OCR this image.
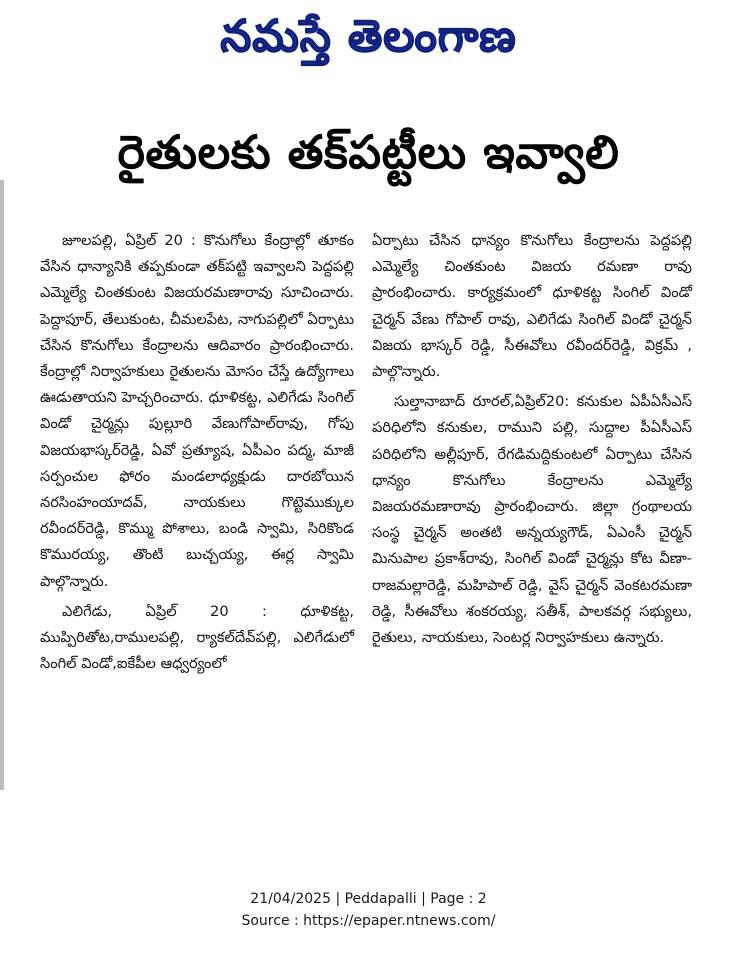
నమస్తే తెలంగాణ
రైతులకు తక్‌పట్టీలు ఇవ్వాలి

జూలపల్లి, ఏప్రిల్‌ 20 : కొనుగోలు కేంద్రాల్లో తూకం వేసిన ధాన్యానికి తప్పకుండా తక్‌పట్టి ఇవ్వాలని పెద్దపల్లి ఎమ్మెల్యే చింతకుంట విజయరమణారావు సూచించారు. పెద్దాపూర్‌, తేలుకుంట, చీమలపేట, నాగుపల్లిలో ఏర్పాటు చేసిన కొనుగోలు కేంద్రాలను ఆదివారం ప్రారంభించారు. కేంద్రాల్లో నిర్వాహకులు రైతులను మోసం చేస్తే ఉద్యోగాలు ఊడుతాయని హెచ్చరించారు. ధూళికట్ట, ఎలిగేడు సింగిల్‌ విండో చైర్మన్లు పుల్లూరి వేణుగోపాల్‌రావు, గోపు విజయభాస్కర్‌రెడ్డి, ఏవో ప్రత్యూష, ఏపీఎం పద్మ, మాజీ సర్పంచుల ఫోరం మండలాధ్యక్షుడు దారబోయిన నరసింహంయాదవ్‌, నాయకులు గొట్టెముక్కుల రవీందర్‌రెడ్డి, కొమ్ము పోశాలు, బండి స్వామి, సిరికొండ కొమురయ్య, తొంటి బుచ్చయ్య, ఈర్ల స్వామి పాల్గొన్నారు.

ఎలిగేడు, ఏప్రిల్‌ 20 : ధూళికట్ట, ముప్పిరితోట,రాములపల్లి, ర్యాకల్‌దేవ్‌పల్లి, ఎలిగేడులో సింగిల్‌ విండో,ఐకేపీల ఆధ్వర్యంలో

ఏర్పాటు చేసిన ధాన్యం కొనుగోలు కేంద్రాలను పెద్దపల్లి ఎమ్మెల్యే చింతకుంట విజయ రమణా రావు ప్రారంభించారు. కార్యక్రమంలో ధూళికట్ట సింగిల్‌ విండో చైర్మన్‌ వేణు గోపాల్‌ రావు, ఎలిగేడు సింగిల్‌ విండో చైర్మన్‌ విజయ భాస్కర్‌ రెడ్డి, సీఈవోలు రవీందర్‌రెడ్డి, విక్రమ్‌ , పాల్గొన్నారు.

సుల్తానాబాద్‌ రూరల్‌,ఏప్రిల్‌20: కనుకుల ఏపీఏసీఎస్‌ పరిధిలోని కనుకుల, రాముని పల్లి, సుద్దాల పీఏసీఎస్‌ పరిధిలోని అల్లీపూర్‌, రేగడిమద్దికుంటలో ఏర్పాటు చేసిన ధాన్యం కొనుగోలు కేంద్రాలను ఎమ్మెల్యే విజయరమణారావు ప్రారంభించారు. జిల్లా గ్రంథాలయ సంస్థ చైర్మన్‌ అంతటి అన్నయ్యగౌడ్‌, ఏఎంసీ చైర్మన్‌ మినుపాల ప్రకాశ్‌రావు, సింగిల్‌ విండో చైర్మన్లు కోట వీణా-రాజమల్లారెడ్డి, మహిపాల్‌ రెడ్డి, వైస్‌ చైర్మన్‌ వెంకటరమణా రెడ్డి, సీఈవోలు శంకరయ్య, సతీశ్‌, పాలకవర్గ సభ్యులు, రైతులు, నాయకులు, సెంటర్ల నిర్వాహకులు ఉన్నారు.

21/04/2025 | Peddapalli | Page : 2
Source : https://epaper.ntnews.com/
